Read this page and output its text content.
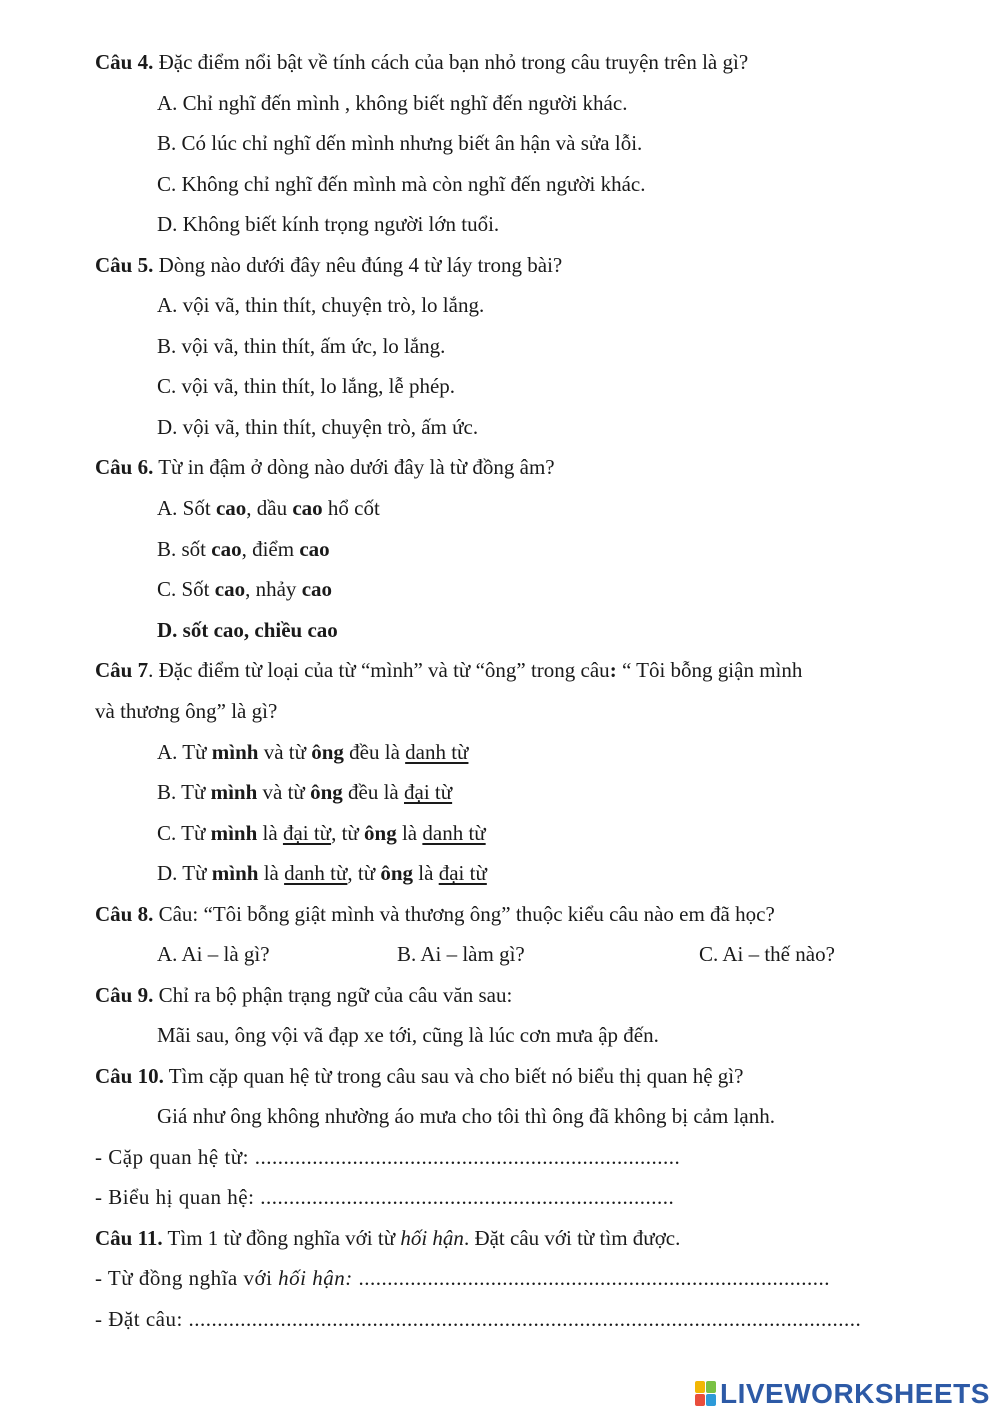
Câu 4. Đặc điểm nổi bật về tính cách của bạn nhỏ trong câu truyện trên là gì?
A. Chỉ nghĩ đến mình , không biết nghĩ đến người khác.
B. Có lúc chỉ nghĩ dến mình nhưng biết ân hận và sửa lỗi.
C. Không chỉ nghĩ đến mình mà còn nghĩ đến người khác.
D. Không biết kính trọng người lớn tuổi.
Câu 5. Dòng nào dưới đây nêu đúng 4 từ láy trong bài?
A. vội vã, thin thít, chuyện trò, lo lắng.
B. vội vã, thin thít, ấm ức, lo lắng.
C. vội vã, thin thít, lo lắng, lễ phép.
D. vội vã, thin thít, chuyện trò, ấm ức.
Câu 6. Từ in đậm ở dòng nào dưới đây là từ đồng âm?
A. Sốt cao, dầu cao hổ cốt
B. sốt cao, điểm cao
C. Sốt cao, nhảy cao
D. sốt cao, chiều cao
Câu 7. Đặc điểm từ loại của từ “mình” và từ “ông” trong câu: “ Tôi bỗng giận mình
và thương ông” là gì?
A. Từ mình và từ ông đều là danh từ
B. Từ mình và từ ông đều là đại từ
C. Từ mình là đại từ, từ ông là danh từ
D. Từ mình là danh từ, từ ông là đại từ
Câu 8. Câu: “Tôi bỗng giật mình và thương ông” thuộc kiểu câu nào em đã học?
A. Ai – là gì?	B. Ai – làm gì?	C. Ai – thế nào?
Câu 9. Chỉ ra bộ phận trạng ngữ của câu văn sau:
Mãi sau, ông vội vã đạp xe tới, cũng là lúc cơn mưa ập đến.
Câu 10. Tìm cặp quan hệ từ trong câu sau và cho biết nó biểu thị quan hệ gì?
Giá như ông không nhường áo mưa cho tôi thì ông đã không bị cảm lạnh.
- Cặp quan hệ từ: ..........................................................................
- Biểu hị quan hệ: ........................................................................
Câu 11. Tìm 1 từ đồng nghĩa với từ hối hận. Đặt câu với từ tìm được.
- Từ đồng nghĩa với hối hận: ..................................................................................
- Đặt câu: .....................................................................................................................
LIVEWORKSHEETS
